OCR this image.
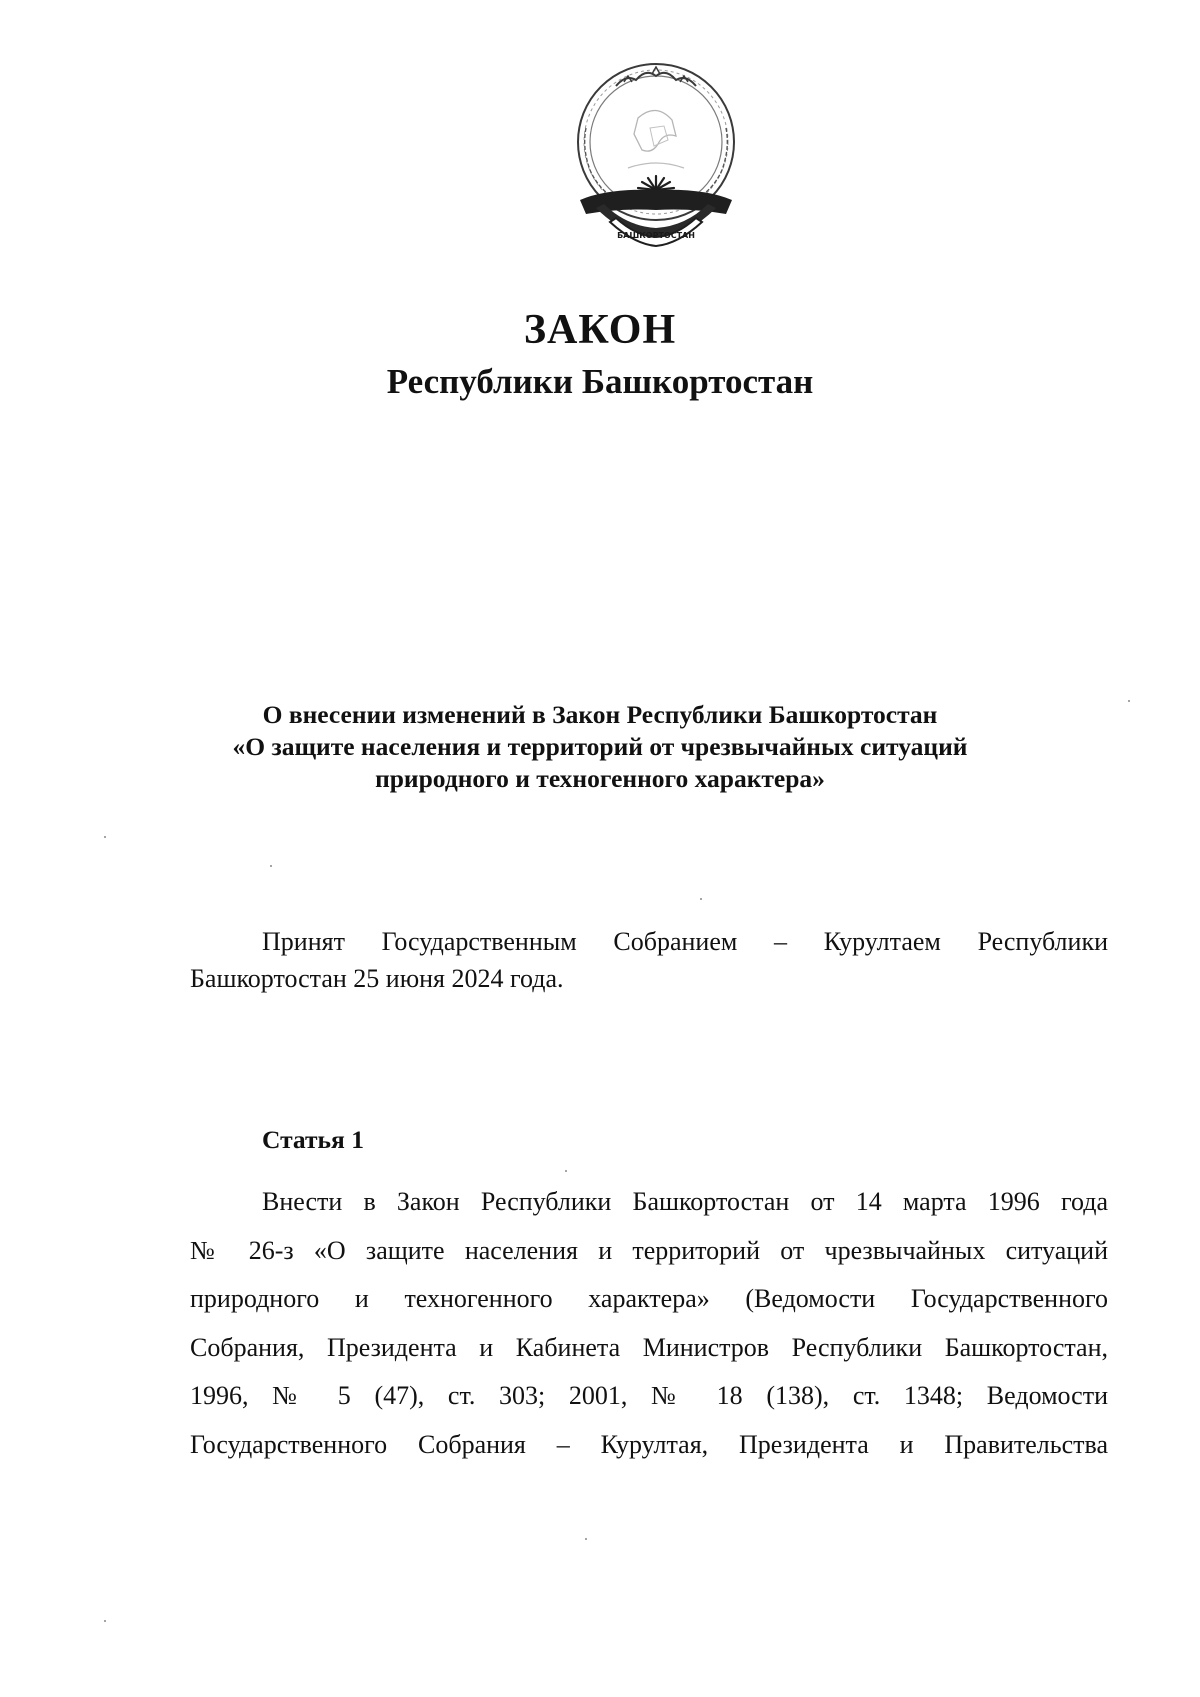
БАШКОРТОСТАН
ЗАКОН
Республики Башкортостан
О внесении изменений в Закон Республики Башкортостан
«О защите населения и территорий от чрезвычайных ситуаций
природного и техногенного характера»
Принят Государственным Собранием – Курултаем Республики
Башкортостан 25 июня 2024 года.
Статья 1
Внести в Закон Республики Башкортостан от 14 марта 1996 года
№ 26-з «О защите населения и территорий от чрезвычайных ситуаций
природного и техногенного характера» (Ведомости Государственного
Собрания, Президента и Кабинета Министров Республики Башкортостан,
1996, № 5 (47), ст. 303; 2001, № 18 (138), ст. 1348; Ведомости
Государственного Собрания – Курултая, Президента и Правительства
